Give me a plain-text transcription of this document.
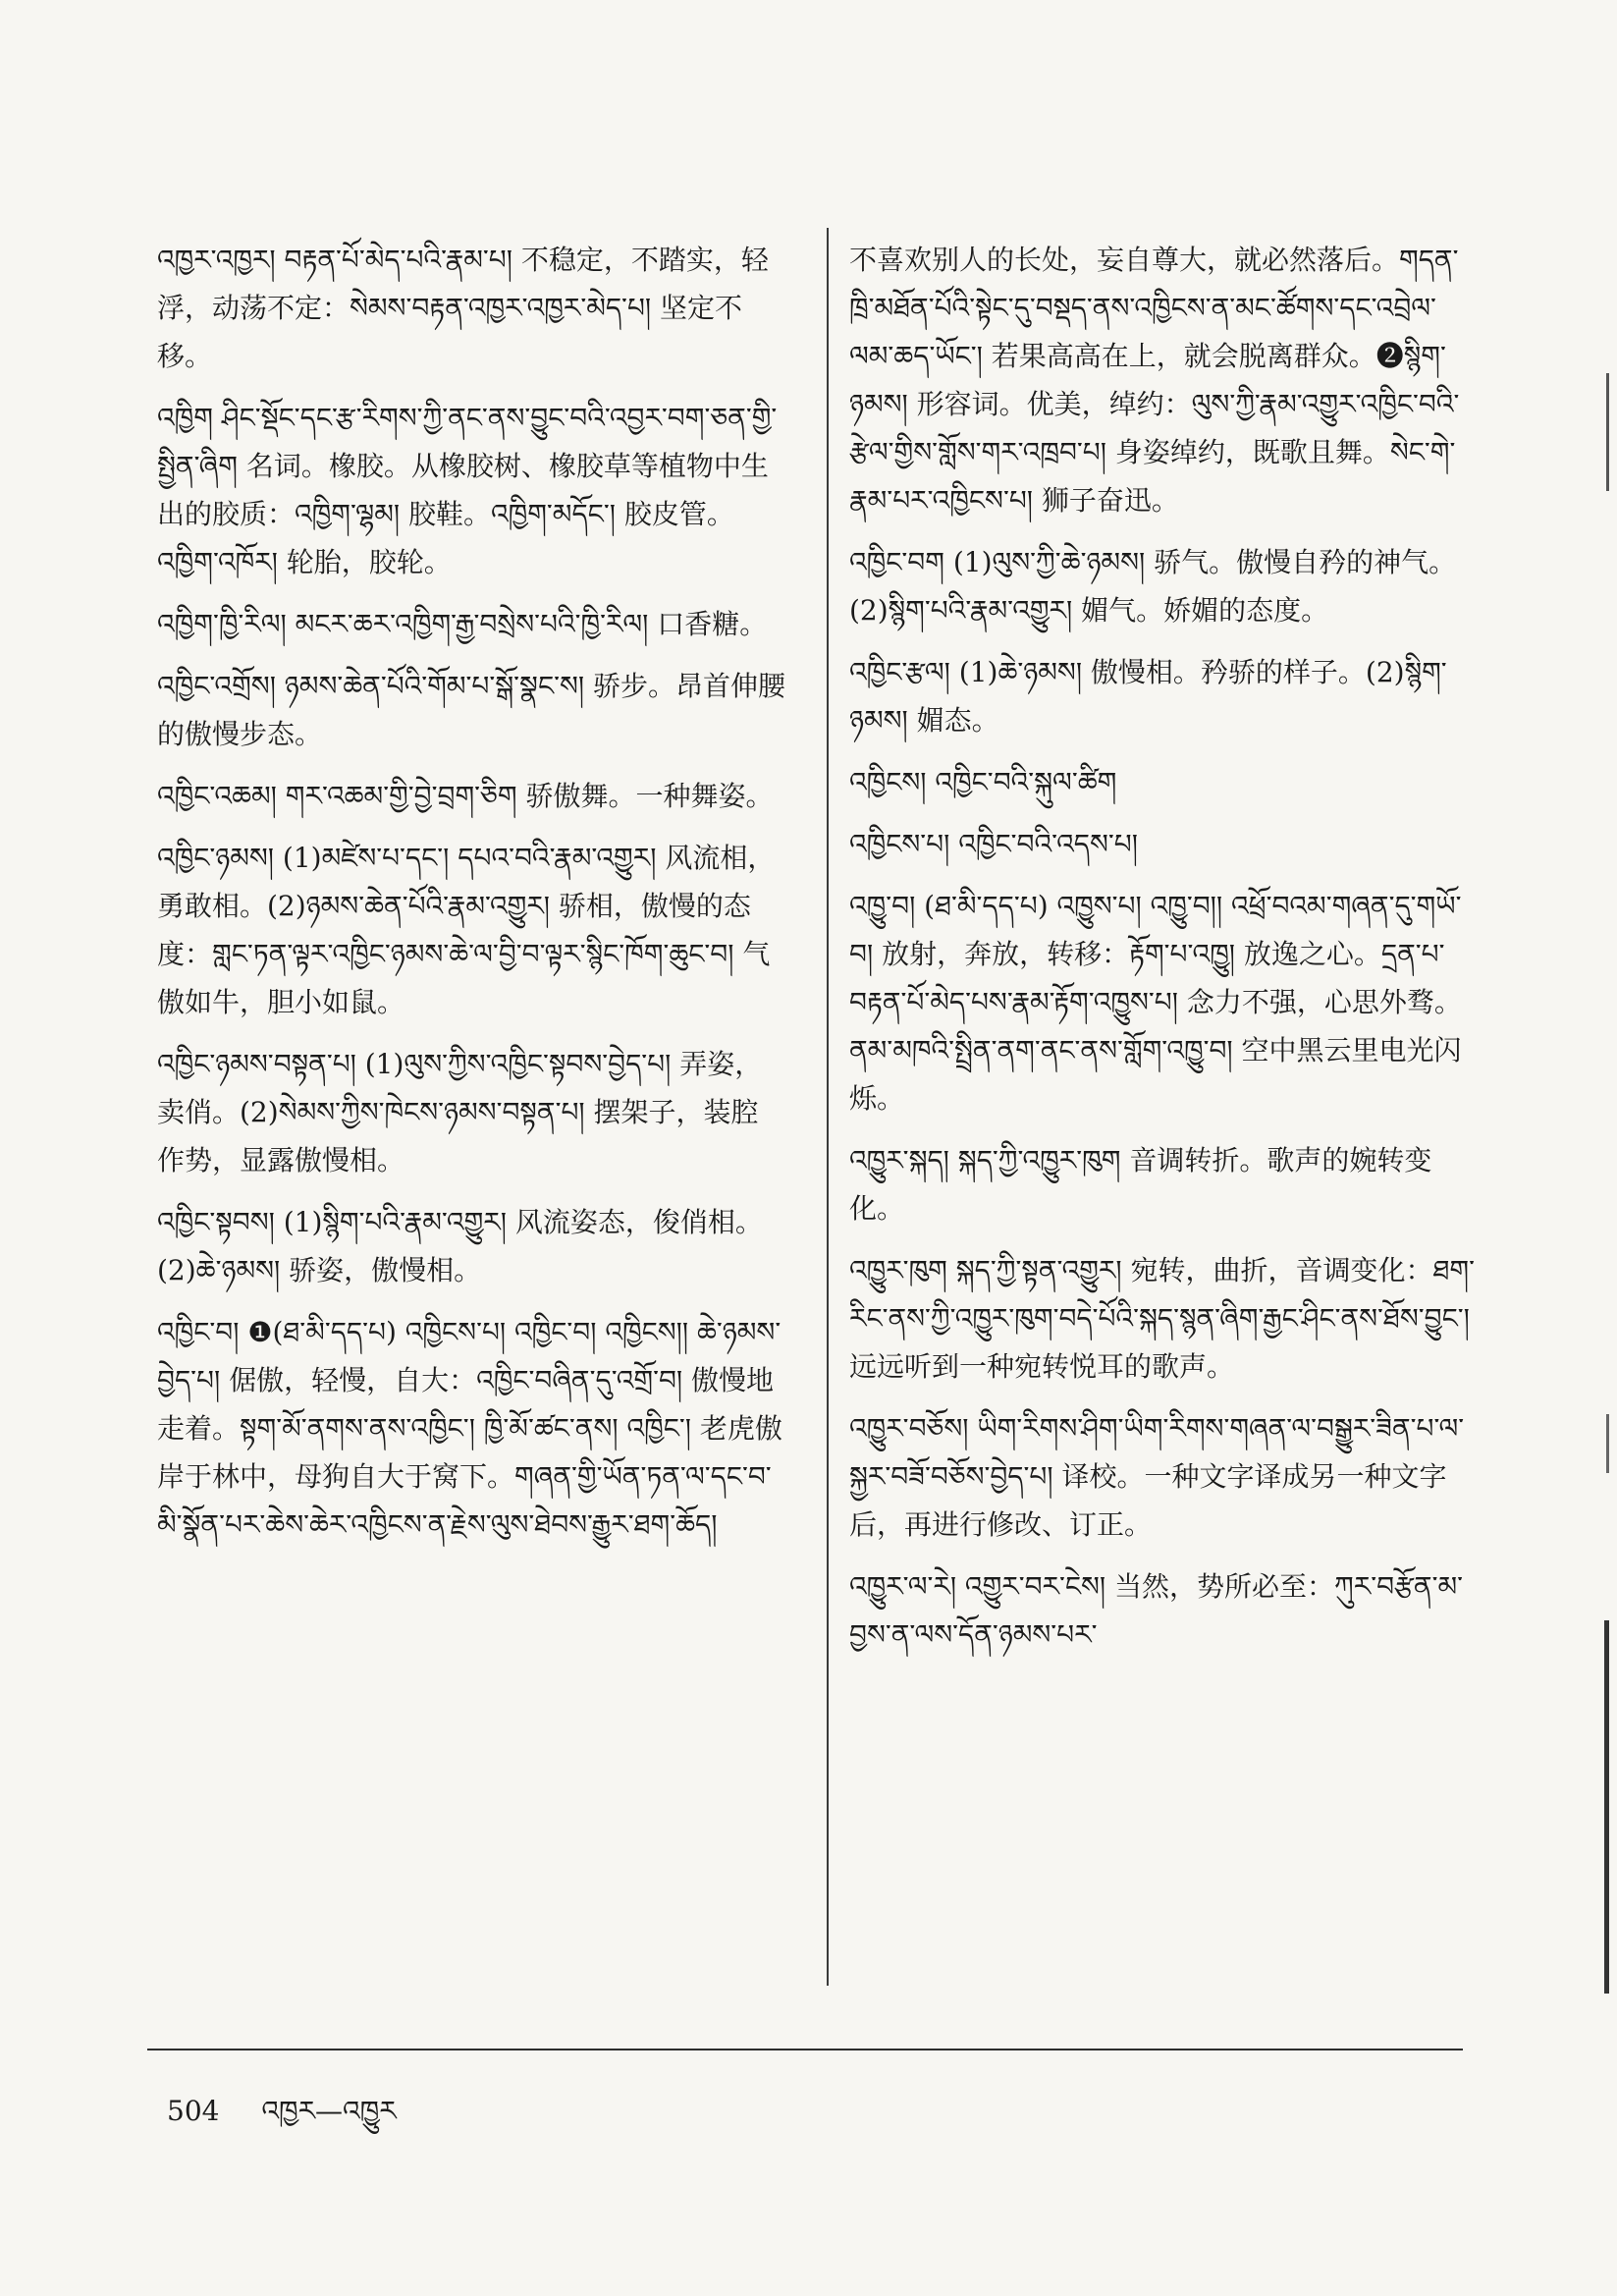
འཁྱར་འཁྱར། བརྟན་པོ་མེད་པའི་རྣམ་པ། 不稳定，不踏实，轻浮，动荡不定：སེམས་བརྟན་འཁྱར་འཁྱར་མེད་པ། 坚定不移。

འཁྱིག ཤིང་སྡོང་དང་རྩ་རིགས་ཀྱི་ནང་ནས་བྱུང་བའི་འབྱར་བག་ཅན་གྱི་སྤྱིན་ཞིག 名词。橡胶。从橡胶树、橡胶草等植物中生出的胶质：འཁྱིག་ལྷམ། 胶鞋。འཁྱིག་མདོང་། 胶皮管。འཁྱིག་འཁོར། 轮胎，胶轮。

འཁྱིག་ཁྱི་རིལ། མངར་ཆར་འཁྱིག་རྒྱ་བསྲེས་པའི་ཁྱི་རིལ། 口香糖。

འཁྱིང་འགྲོས། ཉམས་ཆེན་པོའི་གོམ་པ་སྒོ་སྣང་ས། 骄步。昂首伸腰的傲慢步态。

འཁྱིང་འཆམ། གར་འཆམ་གྱི་བྱེ་བྲག་ཅིག 骄傲舞。一种舞姿。

འཁྱིང་ཉམས། (1)མཛེས་པ་དང་། དཔའ་བའི་རྣམ་འགྱུར། 风流相，勇敢相。(2)ཉམས་ཆེན་པོའི་རྣམ་འགྱུར། 骄相，傲慢的态度：གླང་ཏན་ལྟར་འཁྱིང་ཉམས་ཆེ་ལ་བྱི་བ་ལྟར་སྙིང་ཁོག་ཆུང་བ། 气傲如牛，胆小如鼠。

འཁྱིང་ཉམས་བསྟན་པ། (1)ལུས་ཀྱིས་འཁྱིང་སྟབས་བྱེད་པ། 弄姿，卖俏。(2)སེམས་ཀྱིས་ཁེངས་ཉམས་བསྟན་པ། 摆架子，装腔作势，显露傲慢相。

འཁྱིང་སྟབས། (1)སྙིག་པའི་རྣམ་འགྱུར། 风流姿态，俊俏相。(2)ཆེ་ཉམས། 骄姿，傲慢相。

འཁྱིང་བ། ❶(ཐ་མི་དད་པ) འཁྱིངས་པ། འཁྱིང་བ། འཁྱིངས།། ཆེ་ཉམས་བྱེད་པ། 倨傲，轻慢，自大：འཁྱིང་བཞིན་དུ་འགྲོ་བ། 傲慢地走着。སྟག་མོ་ནགས་ནས་འཁྱིང་། ཁྱི་མོ་ཚང་ནས། འཁྱིང་། 老虎傲岸于林中，母狗自大于窝下。གཞན་གྱི་ཡོན་ཏན་ལ་དང་བ་མི་སྣོན་པར་ཆེས་ཆེར་འཁྱིངས་ན་རྗེས་ལུས་ཐེབས་རྒྱུར་ཐག་ཆོད།

不喜欢别人的长处，妄自尊大，就必然落后。གདན་ཁྲི་མཐོན་པོའི་སྟེང་དུ་བསྡད་ནས་འཁྱིངས་ན་མང་ཚོགས་དང་འབྲེལ་ལམ་ཆད་ཡོང་། 若果高高在上，就会脱离群众。❷སྙིག་ཉམས། 形容词。优美，绰约：ལུས་ཀྱི་རྣམ་འགྱུར་འཁྱིང་བའི་རྩེལ་གྱིས་གློས་གར་འཁྲབ་པ། 身姿绰约，既歌且舞。སེང་གེ་རྣམ་པར་འཁྱིངས་པ། 狮子奋迅。

འཁྱིང་བག (1)ལུས་ཀྱི་ཆེ་ཉམས། 骄气。傲慢自矜的神气。(2)སྙིག་པའི་རྣམ་འགྱུར། 媚气。娇媚的态度。

འཁྱིང་རྩལ། (1)ཆེ་ཉམས། 傲慢相。矜骄的样子。(2)སྙིག་ཉམས། 媚态。

འཁྱིངས། འཁྱིང་བའི་སྐུལ་ཚིག

འཁྱིངས་པ། འཁྱིང་བའི་འདས་པ།

འཁྱུ་བ། (ཐ་མི་དད་པ) འཁྱུས་པ། འཁྱུ་བ།། འཕྲོ་བའམ་གཞན་དུ་གཡོ་བ། 放射，奔放，转移：རྟོག་པ་འཁྱུ། 放逸之心。དྲན་པ་བརྟན་པོ་མེད་པས་རྣམ་རྟོག་འཁྱུས་པ། 念力不强，心思外骛。ནམ་མཁའི་སྤྲིན་ནག་ནང་ནས་གློག་འཁྱུ་བ། 空中黑云里电光闪烁。

འཁྱུར་སྐད། སྐད་ཀྱི་འཁྱུར་ཁུག 音调转折。歌声的婉转变化。

འཁྱུར་ཁུག སྐད་ཀྱི་སྟན་འགྱུར། 宛转，曲折，音调变化：ཐག་རིང་ནས་ཀྱི་འཁྱུར་ཁུག་བདེ་པོའི་སྐད་སྙན་ཞིག་རྒྱང་ཤིང་ནས་ཐོས་བྱུང་། 远远听到一种宛转悦耳的歌声。

འཁྱུར་བཅོས། ཡིག་རིགས་ཤིག་ཡིག་རིགས་གཞན་ལ་བསྒྱུར་ཟིན་པ་ལ་སྐྱར་བཟོ་བཅོས་བྱེད་པ། 译校。一种文字译成另一种文字后，再进行修改、订正。

འཁྱུར་ལ་རེ། འགྱུར་བར་ངེས། 当然，势所必至：ཀུར་བརྩོན་མ་བྱས་ན་ལས་དོན་ཉམས་པར་

504 འཁྱར—འཁྱུར
